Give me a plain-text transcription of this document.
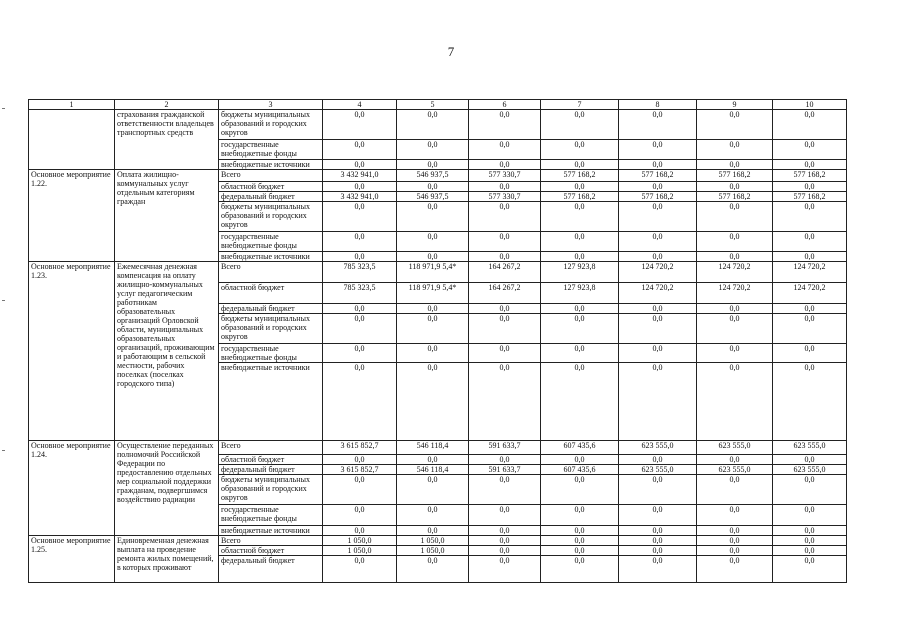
7
1	2	3	4	5	6	7	8	9	10
	страхования гражданской ответственности владельцев транспортных средств	бюджеты муниципальных образований и городских округов	0,0	0,0	0,0	0,0	0,0	0,0	0,0
		государственные внебюджетные фонды	0,0	0,0	0,0	0,0	0,0	0,0	0,0
		внебюджетные источники	0,0	0,0	0,0	0,0	0,0	0,0	0,0
Основное мероприятие 1.22.	Оплата жилищно-коммунальных услуг отдельным категориям граждан	Всего	3 432 941,0	546 937,5	577 330,7	577 168,2	577 168,2	577 168,2	577 168,2
		областной бюджет	0,0	0,0	0,0	0,0	0,0	0,0	0,0
		федеральный бюджет	3 432 941,0	546 937,5	577 330,7	577 168,2	577 168,2	577 168,2	577 168,2
		бюджеты муниципальных образований и городских округов	0,0	0,0	0,0	0,0	0,0	0,0	0,0
		государственные внебюджетные фонды	0,0	0,0	0,0	0,0	0,0	0,0	0,0
		внебюджетные источники	0,0	0,0	0,0	0,0	0,0	0,0	0,0
Основное мероприятие 1.23.	Ежемесячная денежная компенсация на оплату жилищно-коммунальных услуг педагогическим работникам образовательных организаций Орловской области, муниципальных образовательных организаций, проживающим и работающим в сельской местности, рабочих поселках (поселках городского типа)	Всего	785 323,5	118 971,9 5,4*	164 267,2	127 923,8	124 720,2	124 720,2	124 720,2
		областной бюджет	785 323,5	118 971,9 5,4*	164 267,2	127 923,8	124 720,2	124 720,2	124 720,2
		федеральный бюджет	0,0	0,0	0,0	0,0	0,0	0,0	0,0
		бюджеты муниципальных образований и городских округов	0,0	0,0	0,0	0,0	0,0	0,0	0,0
		государственные внебюджетные фонды	0,0	0,0	0,0	0,0	0,0	0,0	0,0
		внебюджетные источники	0,0	0,0	0,0	0,0	0,0	0,0	0,0
Основное мероприятие 1.24.	Осуществление переданных полномочий Российской Федерации по предоставлению отдельных мер социальной поддержки гражданам, подвергшимся воздействию радиации	Всего	3 615 852,7	546 118,4	591 633,7	607 435,6	623 555,0	623 555,0	623 555,0
		областной бюджет	0,0	0,0	0,0	0,0	0,0	0,0	0,0
		федеральный бюджет	3 615 852,7	546 118,4	591 633,7	607 435,6	623 555,0	623 555,0	623 555,0
		бюджеты муниципальных образований и городских округов	0,0	0,0	0,0	0,0	0,0	0,0	0,0
		государственные внебюджетные фонды	0,0	0,0	0,0	0,0	0,0	0,0	0,0
		внебюджетные источники	0,0	0,0	0,0	0,0	0,0	0,0	0,0
Основное мероприятие 1.25.	Единовременная денежная выплата на проведение ремонта жилых помещений, в которых проживают	Всего	1 050,0	1 050,0	0,0	0,0	0,0	0,0	0,0
		областной бюджет	1 050,0	1 050,0	0,0	0,0	0,0	0,0	0,0
		федеральный бюджет	0,0	0,0	0,0	0,0	0,0	0,0	0,0
